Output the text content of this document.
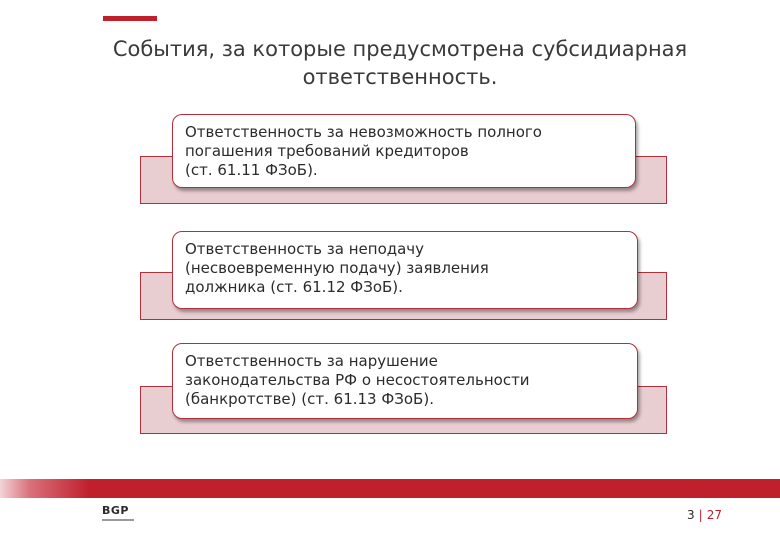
События, за которые предусмотрена субсидиарная
ответственность.
Ответственность за невозможность полного
погашения требований кредиторов
(ст. 61.11 ФЗоБ).
Ответственность за неподачу
(несвоевременную подачу) заявления
должника (ст. 61.12 ФЗоБ).
Ответственность за нарушение
законодательства РФ о несостоятельности
(банкротстве) (ст. 61.13 ФЗоБ).
BGP	3 | 27
